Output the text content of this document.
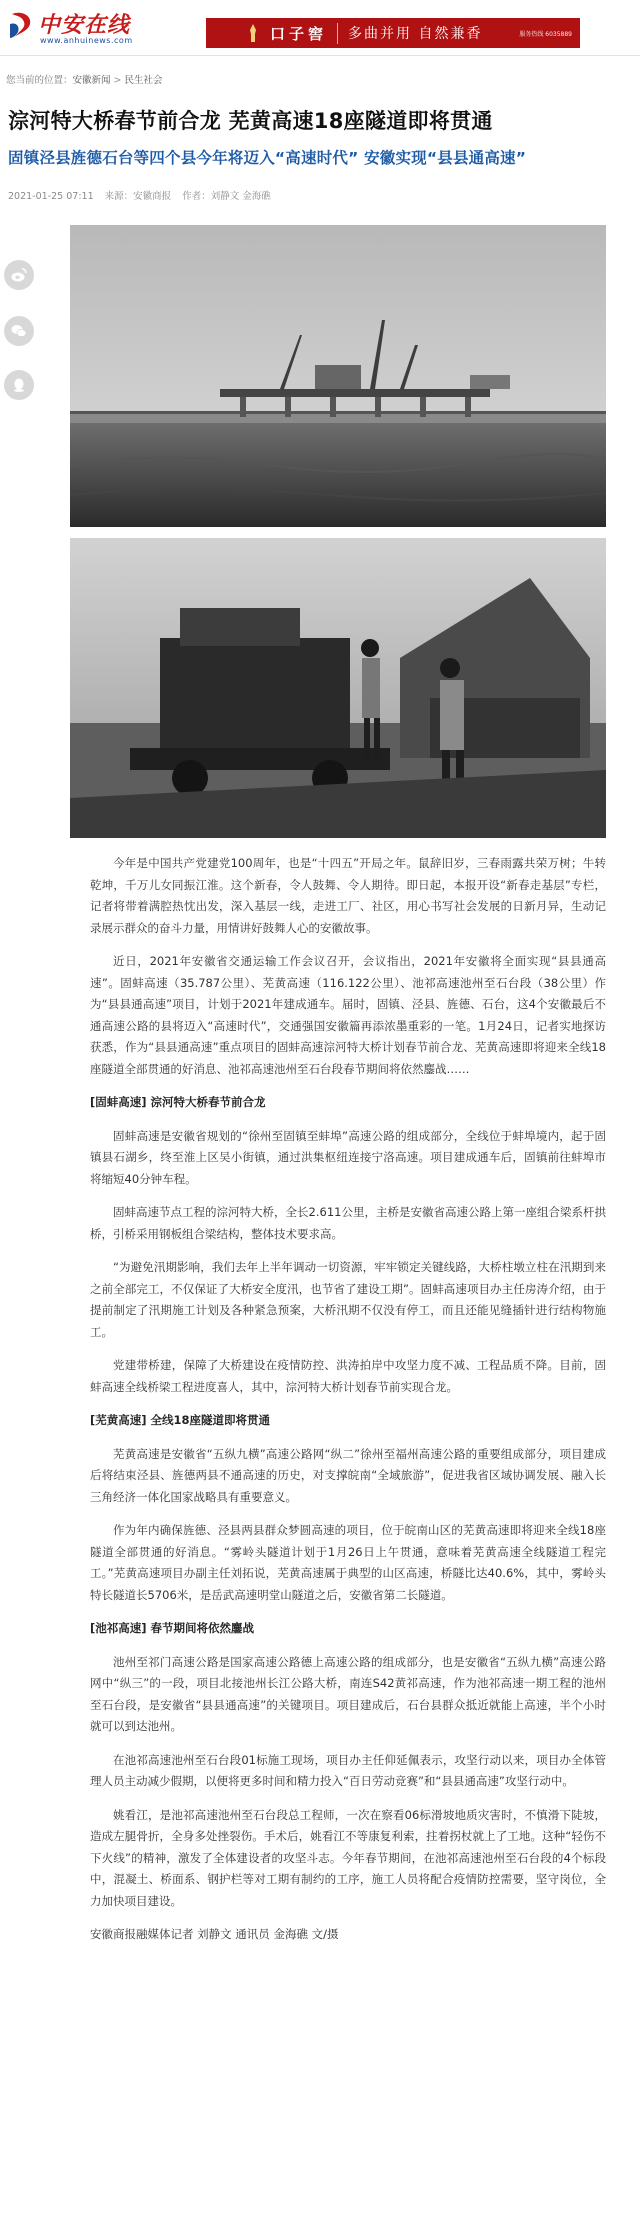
中安在线
www.anhuinews.com	口子窖	多曲并用 自然兼香	服务热线 6035889
您当前的位置：安徽新闻 > 民生社会
淙河特大桥春节前合龙 芜黄高速18座隧道即将贯通
固镇泾县旌德石台等四个县今年将迈入“高速时代” 安徽实现“县县通高速”
2021-01-25 07:11 来源：安徽商报 作者：刘静文 金海礁

今年是中国共产党建党100周年，也是“十四五”开局之年。鼠辞旧岁，三春雨露共荣万树；牛转乾坤，千万儿女同振江淮。这个新春，令人鼓舞、令人期待。即日起，本报开设“新春走基层”专栏，记者将带着满腔热忱出发，深入基层一线，走进工厂、社区，用心书写社会发展的日新月异，生动记录展示群众的奋斗力量，用情讲好鼓舞人心的安徽故事。

近日，2021年安徽省交通运输工作会议召开，会议指出，2021年安徽将全面实现“县县通高速”。固蚌高速（35.787公里）、芜黄高速（116.122公里）、池祁高速池州至石台段（38公里）作为“县县通高速”项目，计划于2021年建成通车。届时，固镇、泾县、旌德、石台，这4个安徽最后不通高速公路的县将迈入“高速时代”，交通强国安徽篇再添浓墨重彩的一笔。1月24日，记者实地探访获悉，作为“县县通高速”重点项目的固蚌高速淙河特大桥计划春节前合龙、芜黄高速即将迎来全线18座隧道全部贯通的好消息、池祁高速池州至石台段春节期间将依然鏖战……

[固蚌高速] 淙河特大桥春节前合龙

固蚌高速是安徽省规划的“徐州至固镇至蚌埠”高速公路的组成部分，全线位于蚌埠境内，起于固镇县石湖乡，终至淮上区吴小街镇，通过洪集枢纽连接宁洛高速。项目建成通车后，固镇前往蚌埠市将缩短40分钟车程。

固蚌高速节点工程的淙河特大桥，全长2.611公里，主桥是安徽省高速公路上第一座组合梁系杆拱桥，引桥采用钢板组合梁结构，整体技术要求高。

“为避免汛期影响，我们去年上半年调动一切资源，牢牢锁定关键线路，大桥柱墩立柱在汛期到来之前全部完工，不仅保证了大桥安全度汛，也节省了建设工期”。固蚌高速项目办主任房涛介绍，由于提前制定了汛期施工计划及各种紧急预案，大桥汛期不仅没有停工，而且还能见缝插针进行结构物施工。

党建带桥建，保障了大桥建设在疫情防控、洪涛拍岸中攻坚力度不减、工程品质不降。目前，固蚌高速全线桥梁工程进度喜人，其中，淙河特大桥计划春节前实现合龙。

[芜黄高速] 全线18座隧道即将贯通

芜黄高速是安徽省“五纵九横”高速公路网“纵二”徐州至福州高速公路的重要组成部分，项目建成后将结束泾县、旌德两县不通高速的历史，对支撑皖南“全域旅游”，促进我省区域协调发展、融入长三角经济一体化国家战略具有重要意义。

作为年内确保旌德、泾县两县群众梦圆高速的项目，位于皖南山区的芜黄高速即将迎来全线18座隧道全部贯通的好消息。“雾岭头隧道计划于1月26日上午贯通，意味着芜黄高速全线隧道工程完工。”芜黄高速项目办副主任刘拓说，芜黄高速属于典型的山区高速，桥隧比达40.6%，其中，雾岭头特长隧道长5706米，是岳武高速明堂山隧道之后，安徽省第二长隧道。

[池祁高速] 春节期间将依然鏖战

池州至祁门高速公路是国家高速公路德上高速公路的组成部分，也是安徽省“五纵九横”高速公路网中“纵三”的一段，项目北接池州长江公路大桥，南连S42黄祁高速，作为池祁高速一期工程的池州至石台段，是安徽省“县县通高速”的关键项目。项目建成后，石台县群众抵近就能上高速，半个小时就可以到达池州。

在池祁高速池州至石台段01标施工现场，项目办主任仰延佩表示，攻坚行动以来，项目办全体管理人员主动减少假期，以便将更多时间和精力投入“百日劳动竞赛”和“县县通高速”攻坚行动中。

姚看江，是池祁高速池州至石台段总工程师，一次在察看06标滑坡地质灾害时，不慎滑下陡坡，造成左腿骨折，全身多处挫裂伤。手术后，姚看江不等康复利索，拄着拐杖就上了工地。这种“轻伤不下火线”的精神，激发了全体建设者的攻坚斗志。今年春节期间，在池祁高速池州至石台段的4个标段中，混凝土、桥面系、钢护栏等对工期有制约的工序，施工人员将配合疫情防控需要，坚守岗位，全力加快项目建设。

安徽商报融媒体记者 刘静文 通讯员 金海礁 文/摄
